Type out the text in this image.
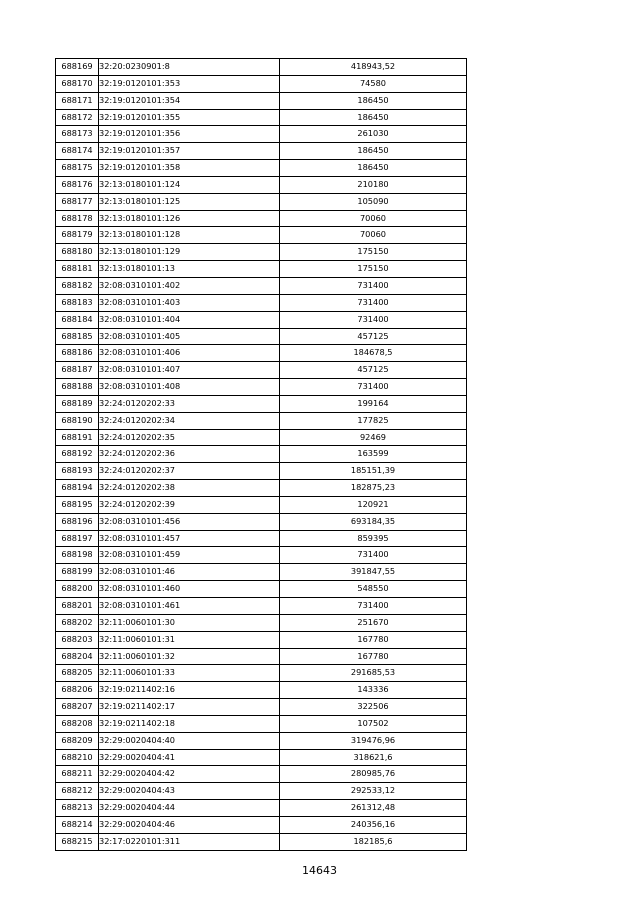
688169	32:20:0230901:8	418943,52
688170	32:19:0120101:353	74580
688171	32:19:0120101:354	186450
688172	32:19:0120101:355	186450
688173	32:19:0120101:356	261030
688174	32:19:0120101:357	186450
688175	32:19:0120101:358	186450
688176	32:13:0180101:124	210180
688177	32:13:0180101:125	105090
688178	32:13:0180101:126	70060
688179	32:13:0180101:128	70060
688180	32:13:0180101:129	175150
688181	32:13:0180101:13	175150
688182	32:08:0310101:402	731400
688183	32:08:0310101:403	731400
688184	32:08:0310101:404	731400
688185	32:08:0310101:405	457125
688186	32:08:0310101:406	184678,5
688187	32:08:0310101:407	457125
688188	32:08:0310101:408	731400
688189	32:24:0120202:33	199164
688190	32:24:0120202:34	177825
688191	32:24:0120202:35	92469
688192	32:24:0120202:36	163599
688193	32:24:0120202:37	185151,39
688194	32:24:0120202:38	182875,23
688195	32:24:0120202:39	120921
688196	32:08:0310101:456	693184,35
688197	32:08:0310101:457	859395
688198	32:08:0310101:459	731400
688199	32:08:0310101:46	391847,55
688200	32:08:0310101:460	548550
688201	32:08:0310101:461	731400
688202	32:11:0060101:30	251670
688203	32:11:0060101:31	167780
688204	32:11:0060101:32	167780
688205	32:11:0060101:33	291685,53
688206	32:19:0211402:16	143336
688207	32:19:0211402:17	322506
688208	32:19:0211402:18	107502
688209	32:29:0020404:40	319476,96
688210	32:29:0020404:41	318621,6
688211	32:29:0020404:42	280985,76
688212	32:29:0020404:43	292533,12
688213	32:29:0020404:44	261312,48
688214	32:29:0020404:46	240356,16
688215	32:17:0220101:311	182185,6
14643
